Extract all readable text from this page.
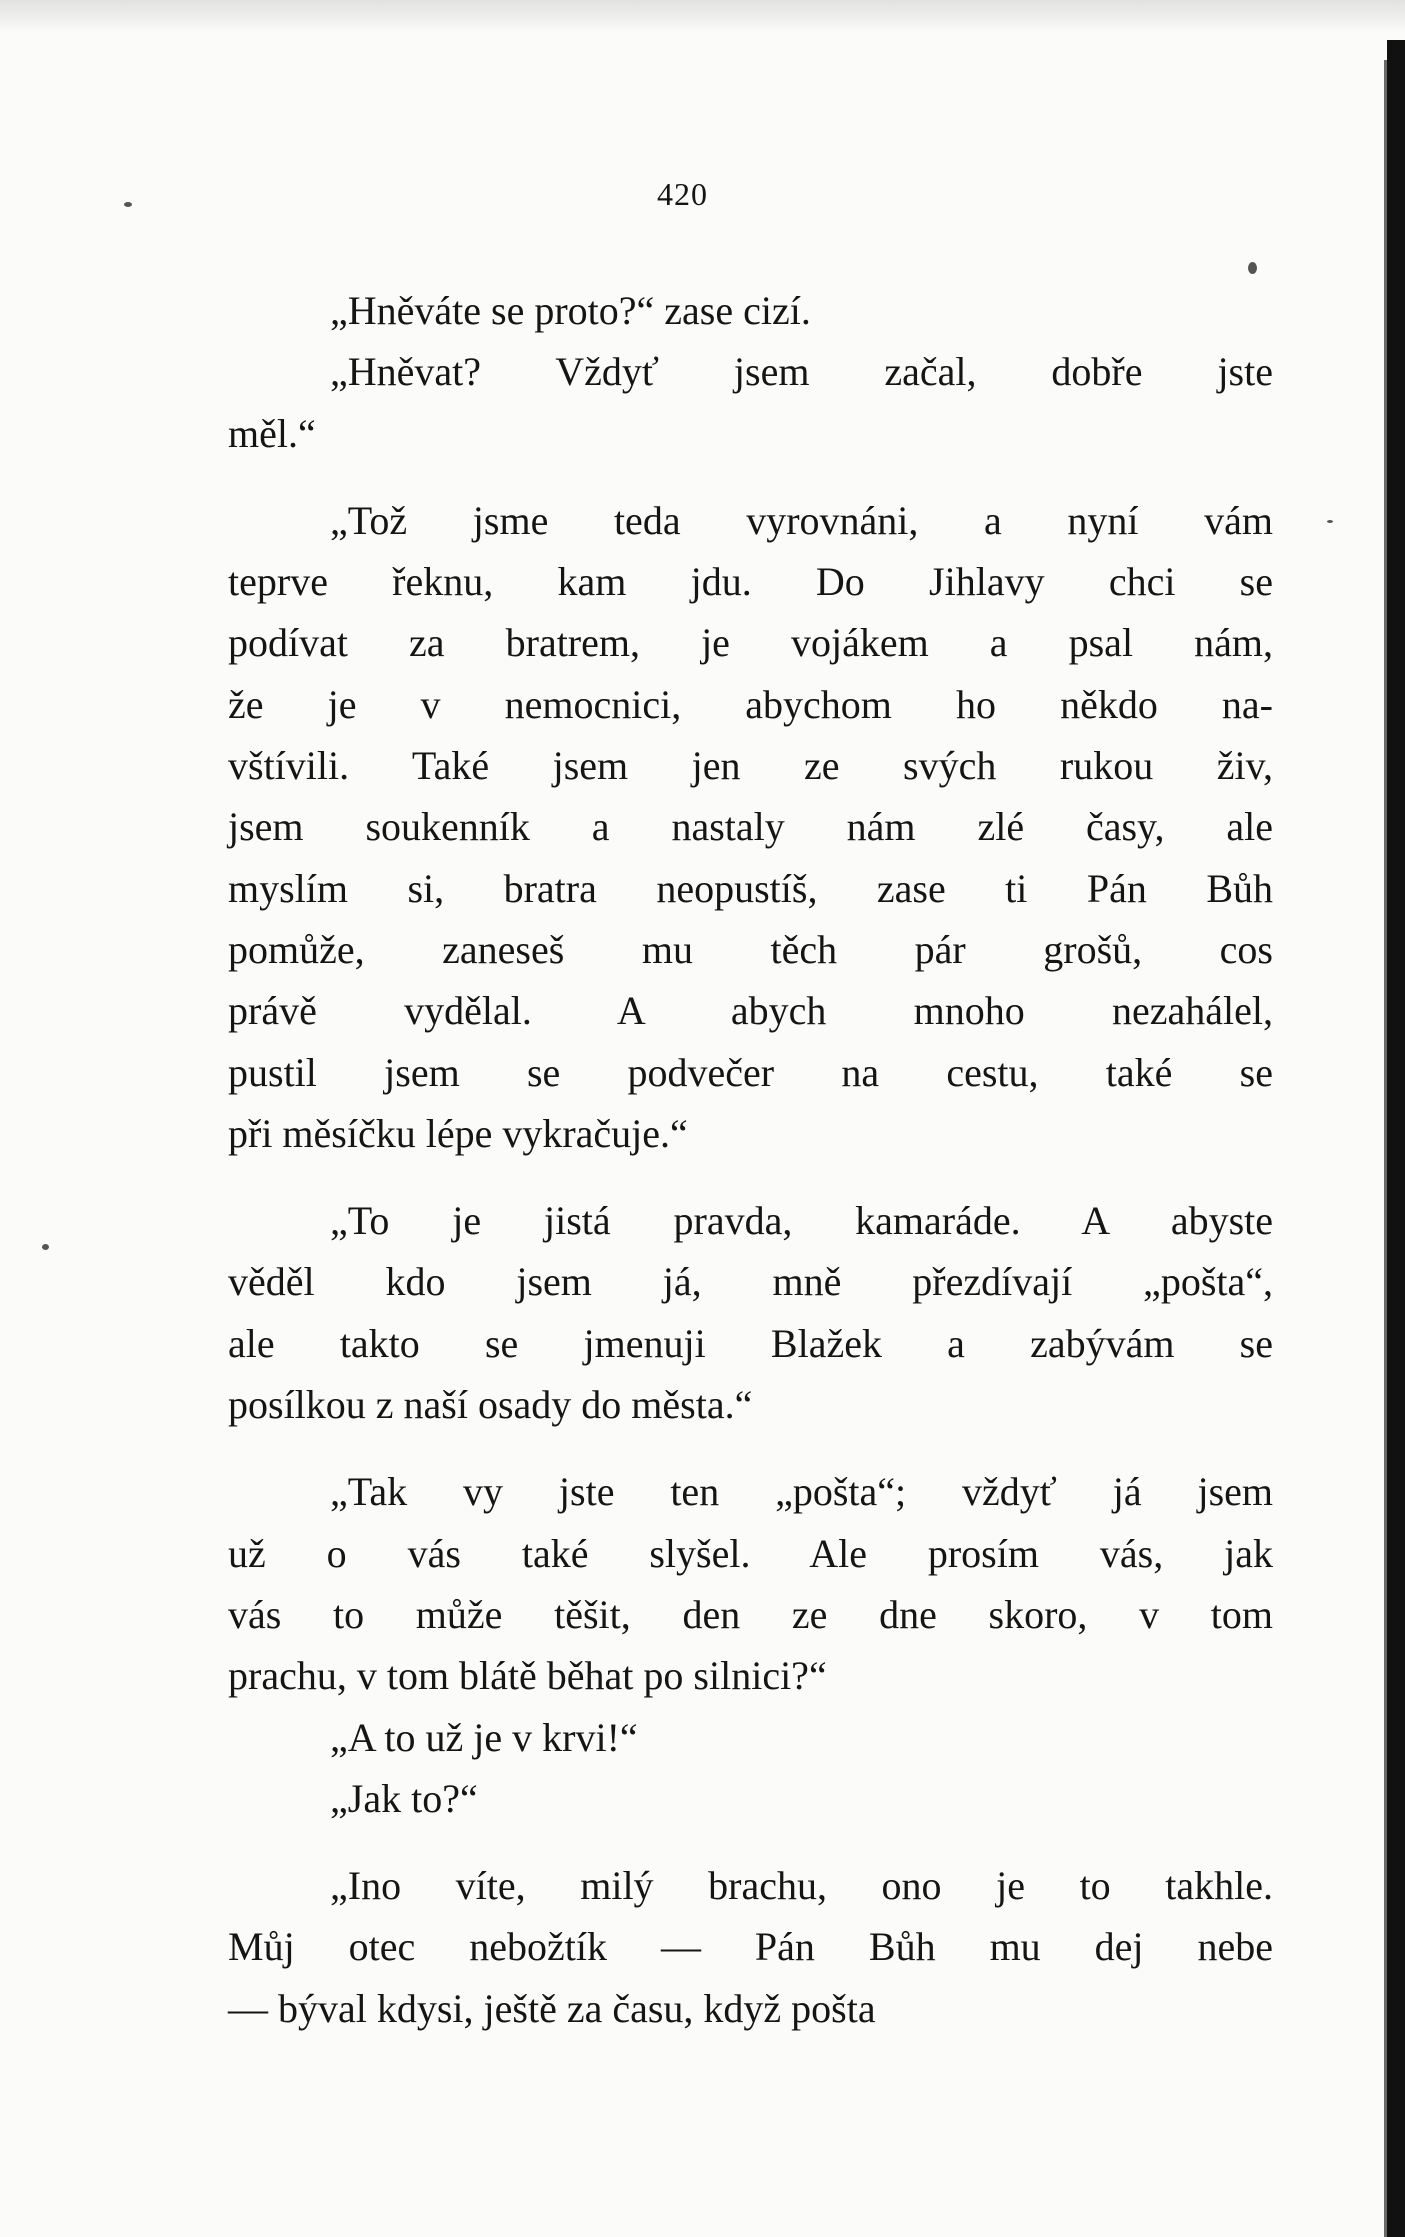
420
„Hněváte se proto?“ zase cizí.
„Hněvat? Vždyť jsem začal, dobře jste
měl.“
„Tož jsme teda vyrovnáni, a nyní vám
teprve řeknu, kam jdu. Do Jihlavy chci se
podívat za bratrem, je vojákem a psal nám,
že je v nemocnici, abychom ho někdo na-
vštívili. Také jsem jen ze svých rukou živ,
jsem soukenník a nastaly nám zlé časy, ale
myslím si, bratra neopustíš, zase ti Pán Bůh
pomůže, zaneseš mu těch pár grošů, cos
právě vydělal. A abych mnoho nezahálel,
pustil jsem se podvečer na cestu, také se
při měsíčku lépe vykračuje.“
„To je jistá pravda, kamaráde. A abyste
věděl kdo jsem já, mně přezdívají „pošta“,
ale takto se jmenuji Blažek a zabývám se
posílkou z naší osady do města.“
„Tak vy jste ten „pošta“; vždyť já jsem
už o vás také slyšel. Ale prosím vás, jak
vás to může těšit, den ze dne skoro, v tom
prachu, v tom blátě běhat po silnici?“
„A to už je v krvi!“
„Jak to?“
„Ino víte, milý brachu, ono je to takhle.
Můj otec nebožtík — Pán Bůh mu dej nebe
— býval kdysi, ještě za času, když pošta
